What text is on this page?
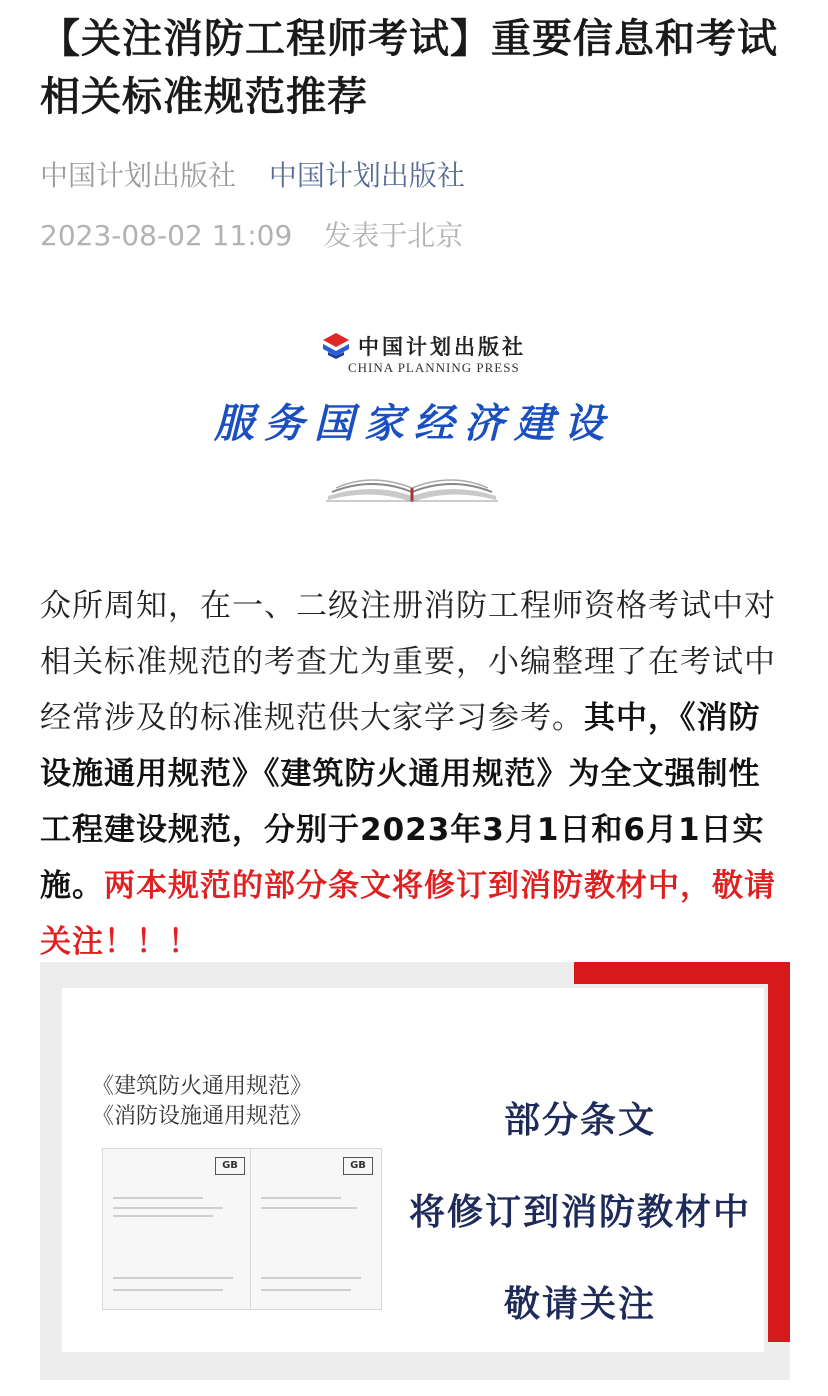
【关注消防工程师考试】重要信息和考试相关标准规范推荐
中国计划出版社 中国计划出版社
2023-08-02 11:09 发表于北京
中国计划出版社
CHINA PLANNING PRESS
服务国家经济建设
众所周知，在一、二级注册消防工程师资格考试中对相关标准规范的考查尤为重要，小编整理了在考试中经常涉及的标准规范供大家学习参考。其中，《消防设施通用规范》《建筑防火通用规范》为全文强制性工程建设规范，分别于2023年3月1日和6月1日实施。两本规范的部分条文将修订到消防教材中，敬请关注！！！
《建筑防火通用规范》
《消防设施通用规范》
GB	GB
部分条文
将修订到消防教材中
敬请关注
